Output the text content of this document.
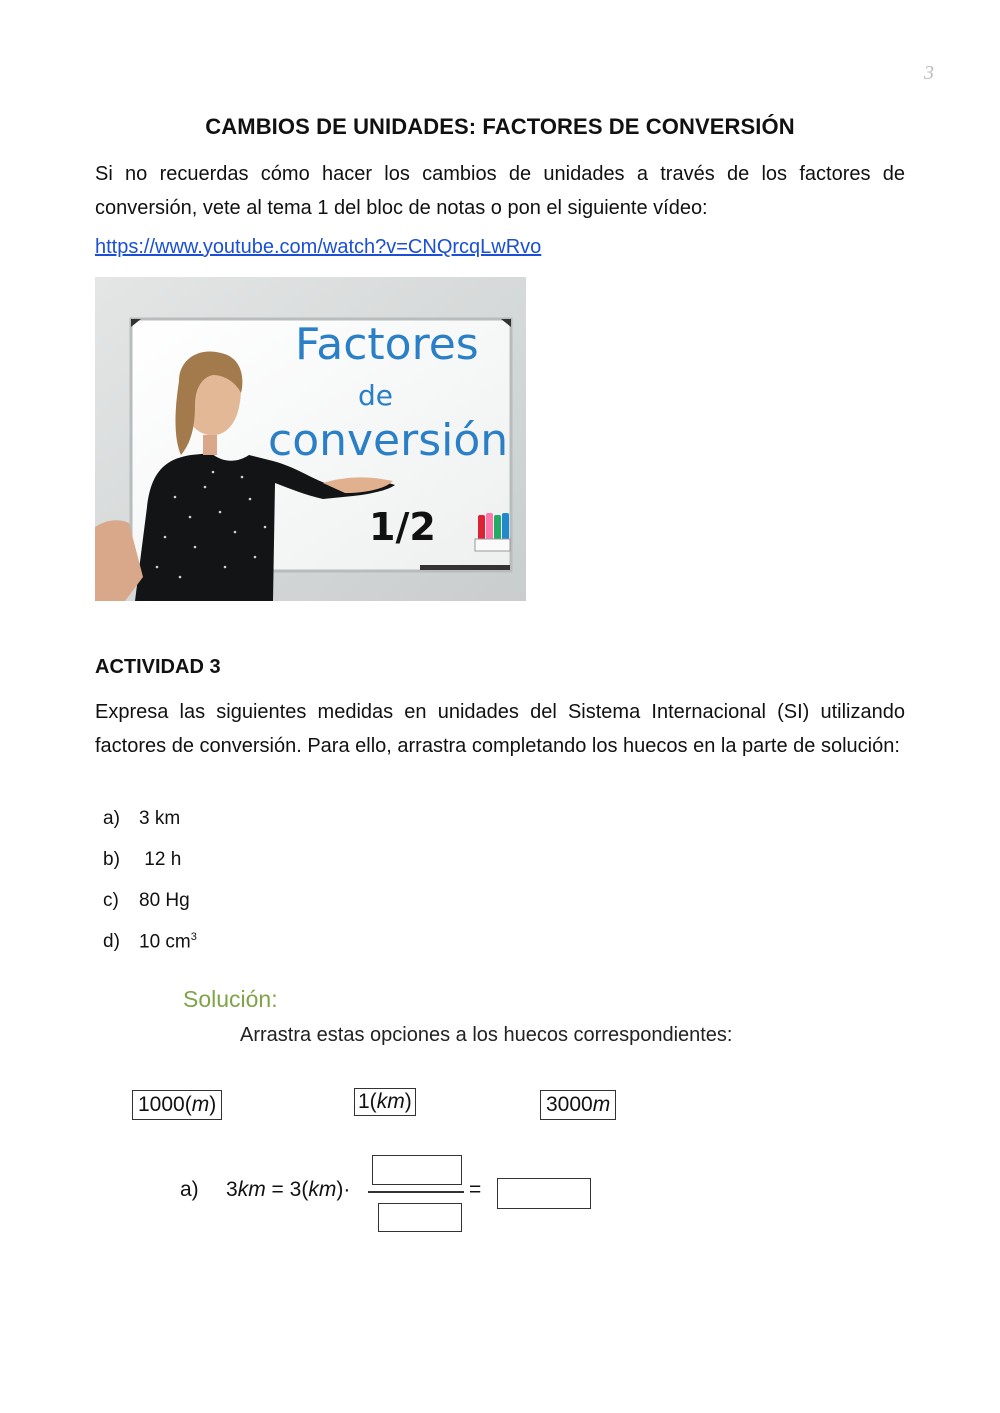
3
CAMBIOS DE UNIDADES: FACTORES DE CONVERSIÓN
Si no recuerdas cómo hacer los cambios de unidades a través de los factores de conversión, vete al tema 1 del bloc de notas o pon el siguiente vídeo:
https://www.youtube.com/watch?v=CNQrcqLwRvo
Factores
de
conversión
1/2
ACTIVIDAD 3
Expresa las siguientes medidas en unidades del Sistema Internacional (SI) utilizando factores de conversión. Para ello, arrastra completando los huecos en la parte de solución:
a) 3 km
b) 12 h
c) 80 Hg
d) 10 $cm^3$
Solución:
Arrastra estas opciones a los huecos correspondientes:
1000(m)	1(km)	3000m
a) 3km = 3(km)·	=
